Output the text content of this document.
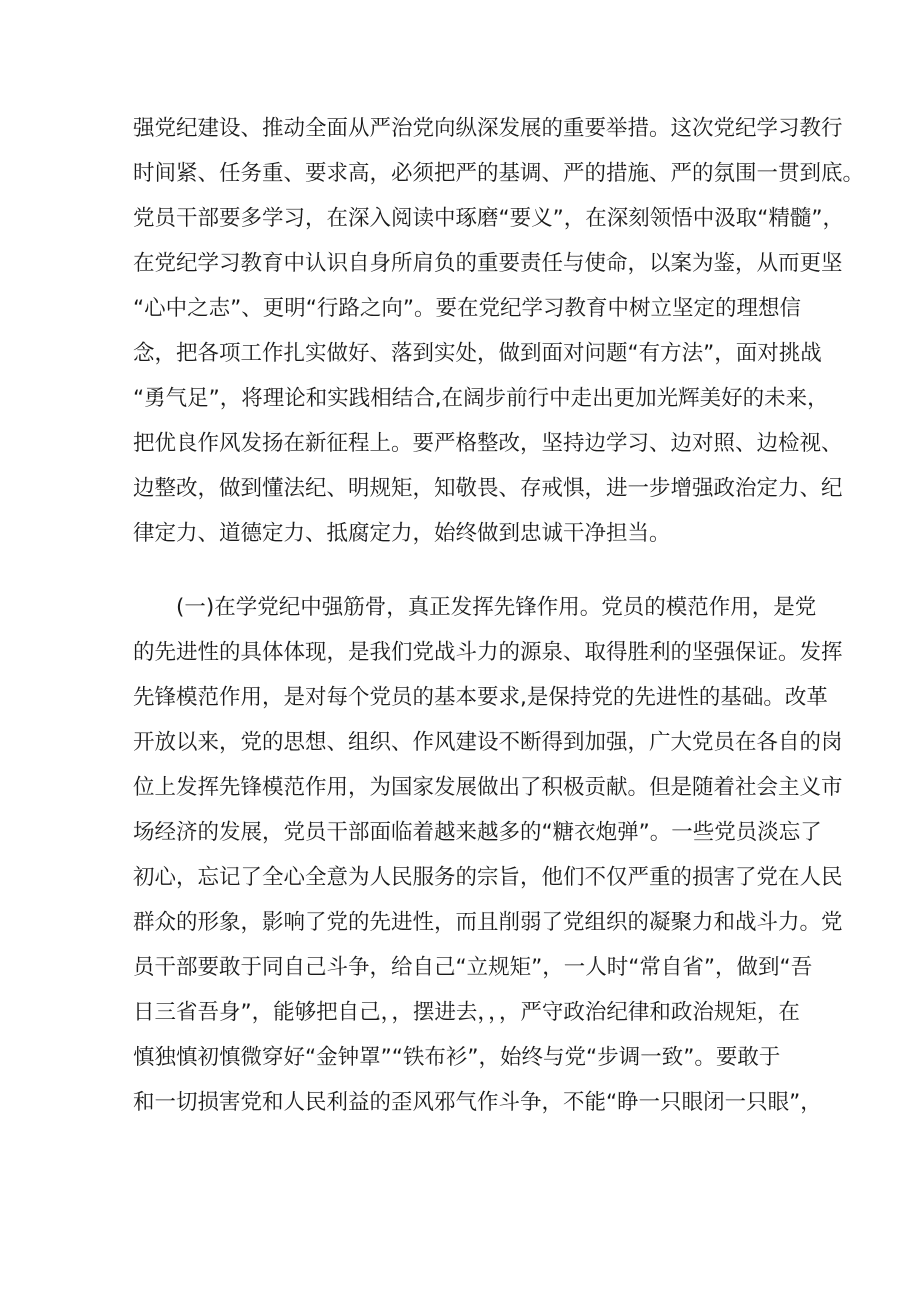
强党纪建设、推动全面从严治党向纵深发展的重要举措。这次党纪学习教行
时间紧、任务重、要求高，必须把严的基调、严的措施、严的氛围一贯到底。
党员干部要多学习，在深入阅读中琢磨“要义”，在深刻领悟中汲取“精髓”，
在党纪学习教育中认识自身所肩负的重要责任与使命，以案为鉴，从而更坚
“心中之志”、更明“行路之向”。要在党纪学习教育中树立坚定的理想信
念，把各项工作扎实做好、落到实处，做到面对问题“有方法”，面对挑战
“勇气足”，将理论和实践相结合,在阔步前行中走出更加光辉美好的未来，
把优良作风发扬在新征程上。要严格整改，坚持边学习、边对照、边检视、
边整改，做到懂法纪、明规矩，知敬畏、存戒惧，进一步增强政治定力、纪
律定力、道德定力、抵腐定力，始终做到忠诚干净担当。
(一)在学党纪中强筋骨，真正发挥先锋作用。党员的模范作用，是党
的先进性的具体体现，是我们党战斗力的源泉、取得胜利的坚强保证。发挥
先锋模范作用，是对每个党员的基本要求,是保持党的先进性的基础。改革
开放以来，党的思想、组织、作风建设不断得到加强，广大党员在各自的岗
位上发挥先锋模范作用，为国家发展做出了积极贡献。但是随着社会主义市
场经济的发展，党员干部面临着越来越多的“糖衣炮弹”。一些党员淡忘了
初心，忘记了全心全意为人民服务的宗旨，他们不仅严重的损害了党在人民
群众的形象，影响了党的先进性，而且削弱了党组织的凝聚力和战斗力。党
员干部要敢于同自己斗争，给自己“立规矩”，一人时“常自省”，做到“吾
日三省吾身”，能够把自己，，摆进去，，，严守政治纪律和政治规矩，在
慎独慎初慎微穿好“金钟罩”“铁布衫”，始终与党“步调一致”。要敢于
和一切损害党和人民利益的歪风邪气作斗争，不能“睁一只眼闭一只眼”，
